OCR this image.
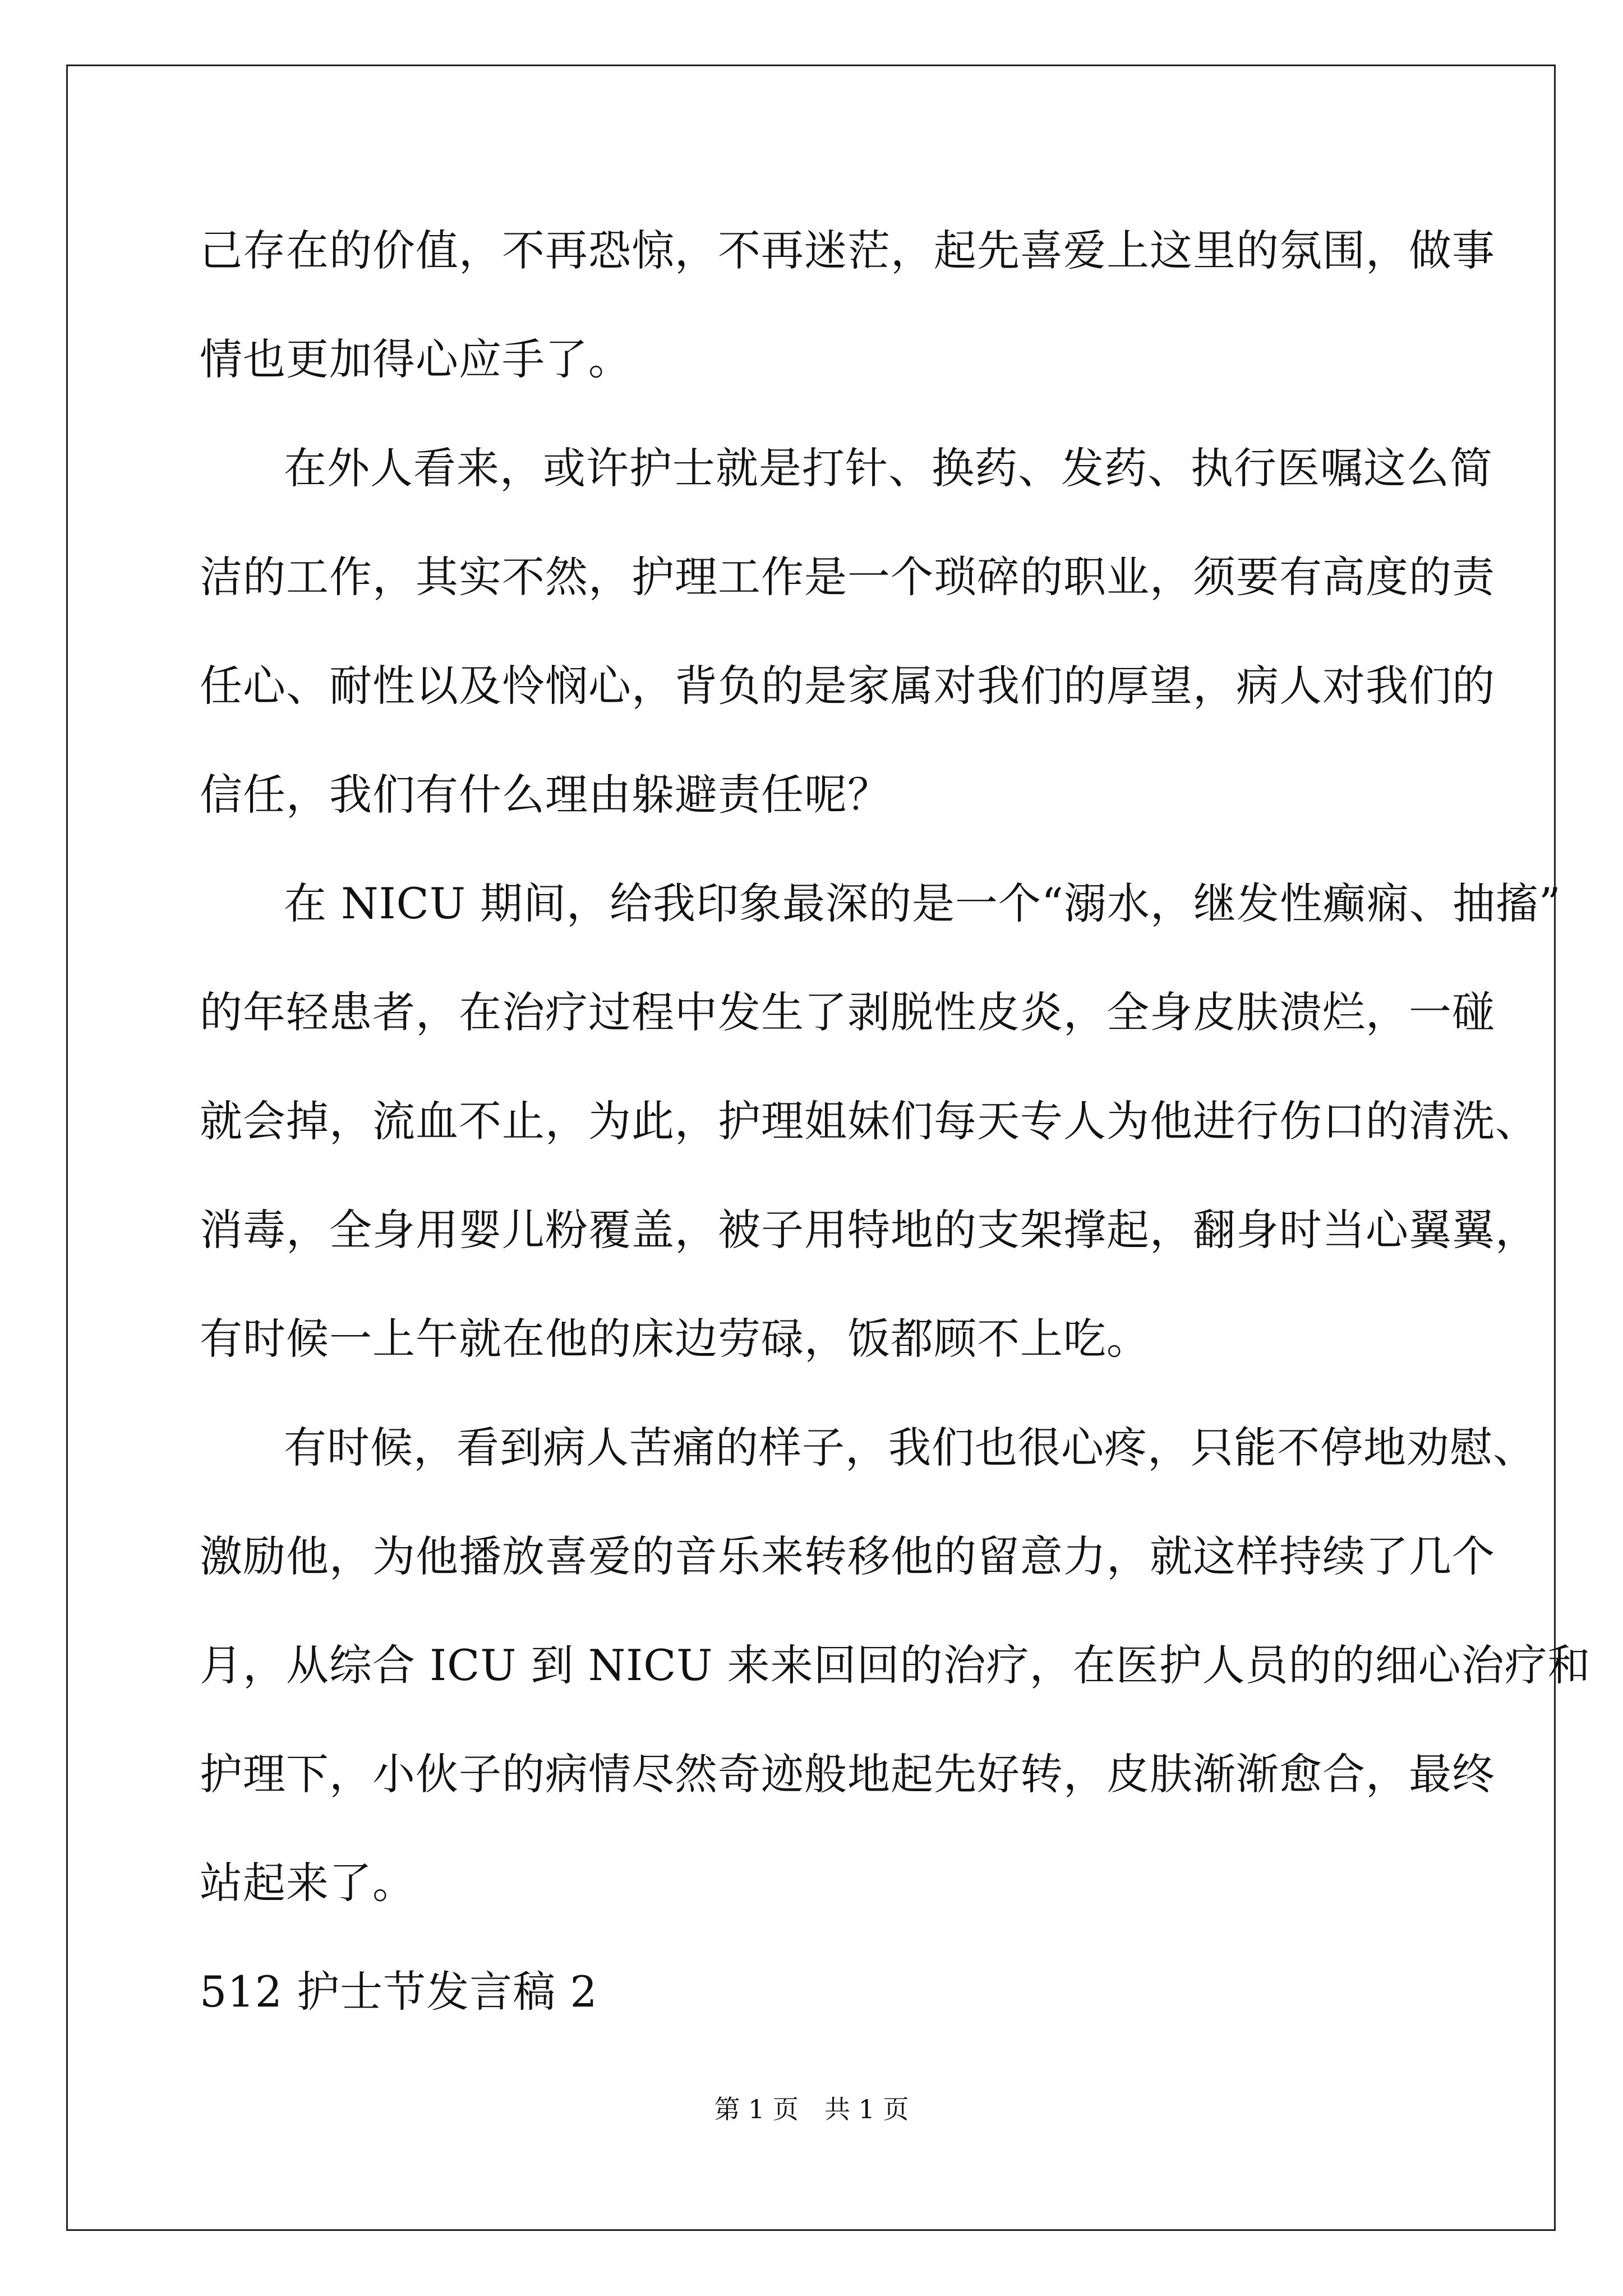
己存在的价值，不再恐惊，不再迷茫，起先喜爱上这里的氛围，做事
情也更加得心应手了。
在外人看来，或许护士就是打针、换药、发药、执行医嘱这么简
洁的工作，其实不然，护理工作是一个琐碎的职业，须要有高度的责
任心、耐性以及怜悯心，背负的是家属对我们的厚望，病人对我们的
信任，我们有什么理由躲避责任呢？
在 NICU 期间，给我印象最深的是一个“溺水，继发性癫痫、抽搐”
的年轻患者，在治疗过程中发生了剥脱性皮炎，全身皮肤溃烂，一碰
就会掉，流血不止，为此，护理姐妹们每天专人为他进行伤口的清洗、
消毒，全身用婴儿粉覆盖，被子用特地的支架撑起，翻身时当心翼翼，
有时候一上午就在他的床边劳碌，饭都顾不上吃。
有时候，看到病人苦痛的样子，我们也很心疼，只能不停地劝慰、
激励他，为他播放喜爱的音乐来转移他的留意力，就这样持续了几个
月，从综合 ICU 到 NICU 来来回回的治疗，在医护人员的的细心治疗和
护理下，小伙子的病情尽然奇迹般地起先好转，皮肤渐渐愈合，最终
站起来了。
512 护士节发言稿 2
第 1 页　共 1 页
